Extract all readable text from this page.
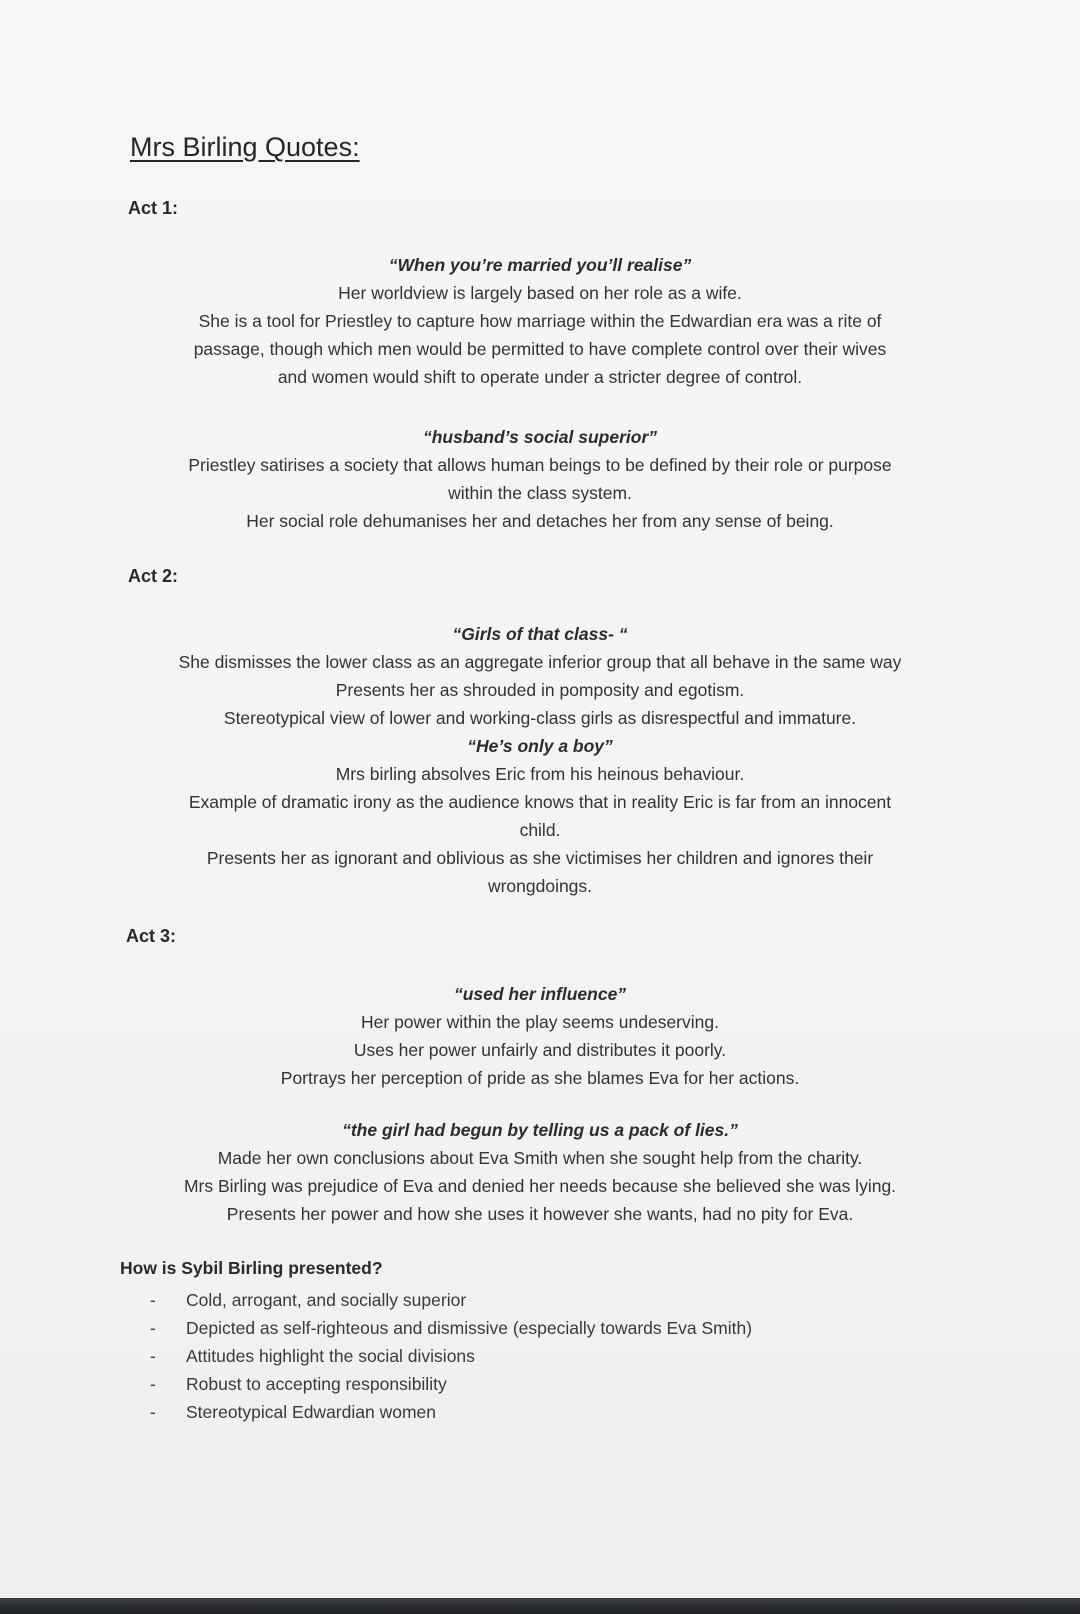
Mrs Birling Quotes:
Act 1:

“When you’re married you’ll realise”

Her worldview is largely based on her role as a wife.

She is a tool for Priestley to capture how marriage within the Edwardian era was a rite of

passage, though which men would be permitted to have complete control over their wives

and women would shift to operate under a stricter degree of control.

“husband’s social superior”

Priestley satirises a society that allows human beings to be defined by their role or purpose

within the class system.

Her social role dehumanises her and detaches her from any sense of being.

Act 2:

“Girls of that class- “

She dismisses the lower class as an aggregate inferior group that all behave in the same way

Presents her as shrouded in pomposity and egotism.

Stereotypical view of lower and working-class girls as disrespectful and immature.

“He’s only a boy”

Mrs birling absolves Eric from his heinous behaviour.

Example of dramatic irony as the audience knows that in reality Eric is far from an innocent

child.

Presents her as ignorant and oblivious as she victimises her children and ignores their

wrongdoings.

Act 3:

“used her influence”

Her power within the play seems undeserving.

Uses her power unfairly and distributes it poorly.

Portrays her perception of pride as she blames Eva for her actions.

“the girl had begun by telling us a pack of lies.”

Made her own conclusions about Eva Smith when she sought help from the charity.

Mrs Birling was prejudice of Eva and denied her needs because she believed she was lying.

Presents her power and how she uses it however she wants, had no pity for Eva.

How is Sybil Birling presented?
- Cold, arrogant, and socially superior
- Depicted as self-righteous and dismissive (especially towards Eva Smith)
- Attitudes highlight the social divisions
- Robust to accepting responsibility
- Stereotypical Edwardian women
